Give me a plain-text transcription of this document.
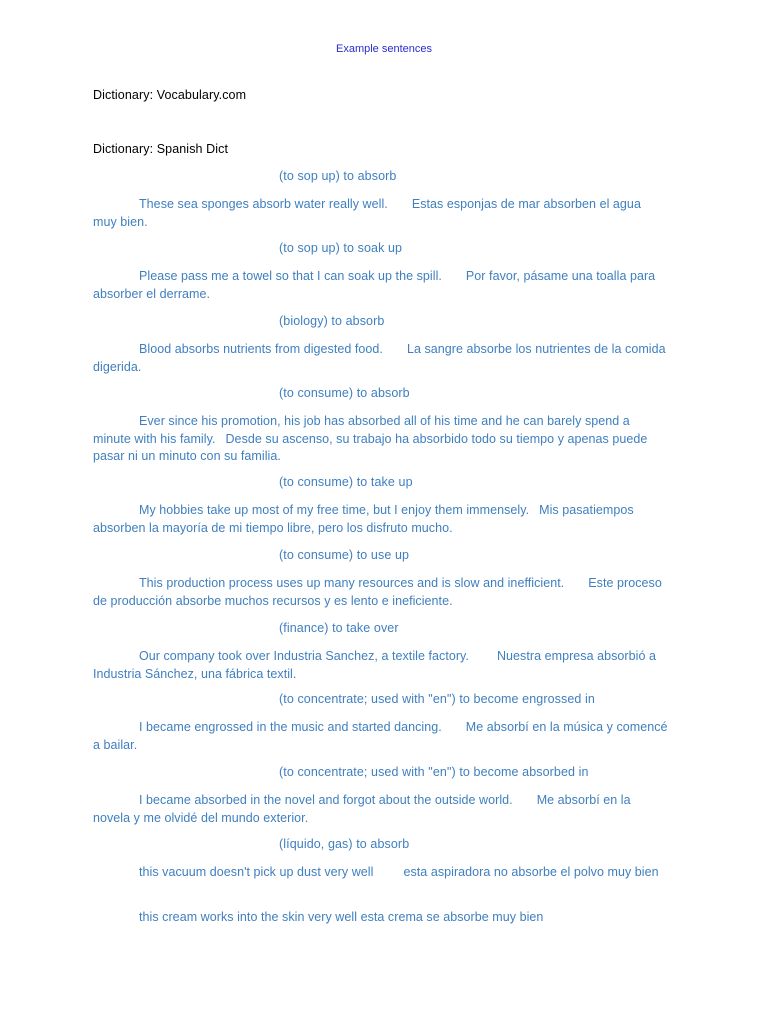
Example sentences
Dictionary: Vocabulary.com
Dictionary: Spanish Dict
(to sop up) to absorb
These sea sponges absorb water really well. Estas esponjas de mar absorben el agua muy bien.
(to sop up) to soak up
Please pass me a towel so that I can soak up the spill. Por favor, pásame una toalla para absorber el derrame.
(biology) to absorb
Blood absorbs nutrients from digested food. La sangre absorbe los nutrientes de la comida digerida.
(to consume) to absorb
Ever since his promotion, his job has absorbed all of his time and he can barely spend a minute with his family. Desde su ascenso, su trabajo ha absorbido todo su tiempo y apenas puede pasar ni un minuto con su familia.
(to consume) to take up
My hobbies take up most of my free time, but I enjoy them immensely. Mis pasatiempos absorben la mayoría de mi tiempo libre, pero los disfruto mucho.
(to consume) to use up
This production process uses up many resources and is slow and inefficient. Este proceso de producción absorbe muchos recursos y es lento e ineficiente.
(finance) to take over
Our company took over Industria Sanchez, a textile factory. Nuestra empresa absorbió a Industria Sánchez, una fábrica textil.
(to concentrate; used with "en") to become engrossed in
I became engrossed in the music and started dancing. Me absorbí en la música y comencé a bailar.
(to concentrate; used with "en") to become absorbed in
I became absorbed in the novel and forgot about the outside world. Me absorbí en la novela y me olvidé del mundo exterior.
(líquido, gas) to absorb
this vacuum doesn't pick up dust very well esta aspiradora no absorbe el polvo muy bien
this cream works into the skin very well esta crema se absorbe muy bien
